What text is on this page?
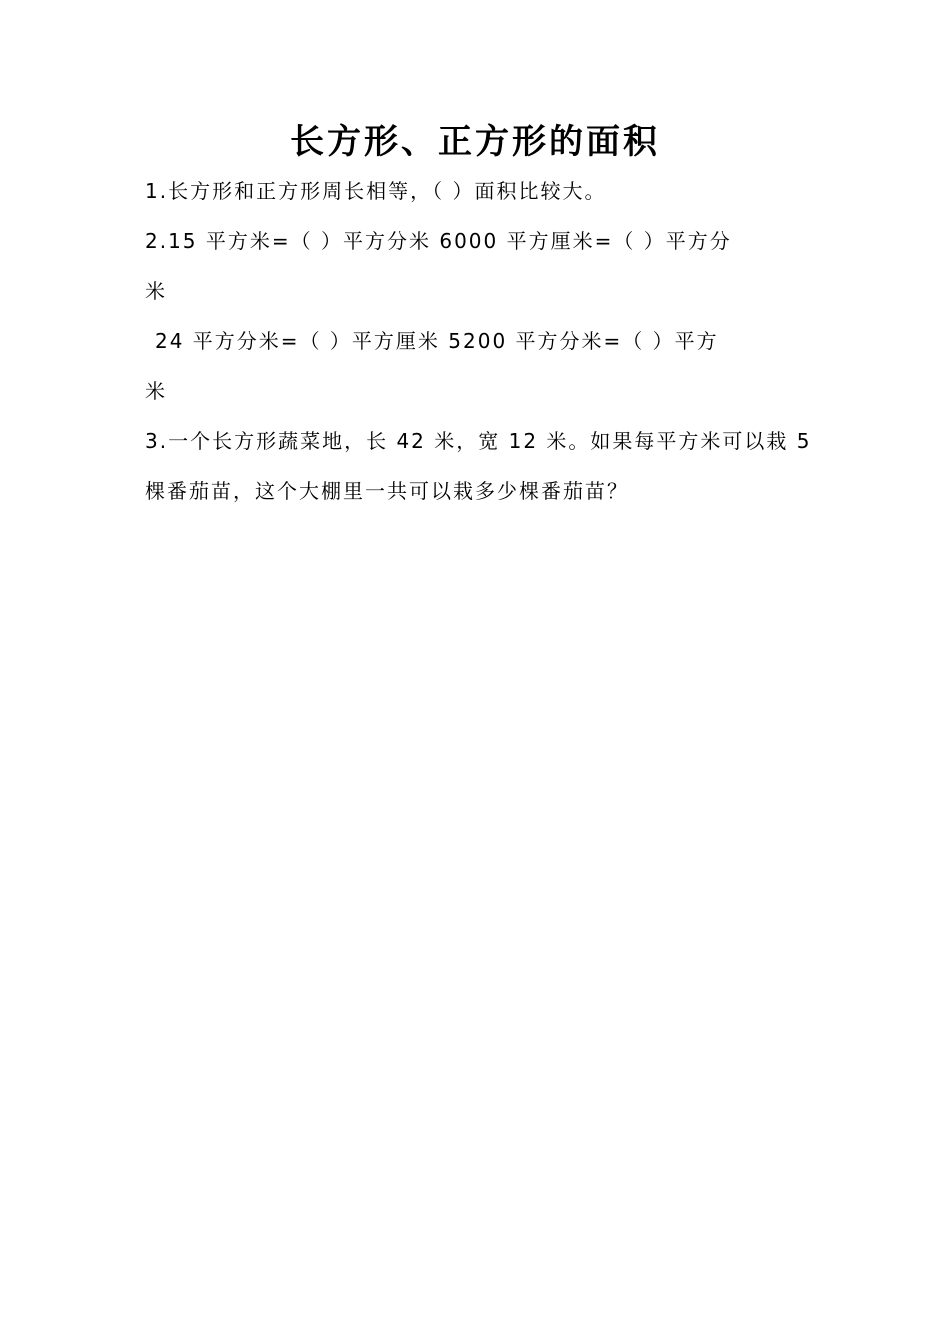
长方形、正方形的面积
1.长方形和正方形周长相等，（ ）面积比较大。
2.15 平方米=（ ）平方分米 6000 平方厘米=（ ）平方分
米
24 平方分米=（ ）平方厘米 5200 平方分米=（ ）平方
米
3.一个长方形蔬菜地，长 42 米，宽 12 米。如果每平方米可以栽 5
棵番茄苗，这个大棚里一共可以栽多少棵番茄苗？
